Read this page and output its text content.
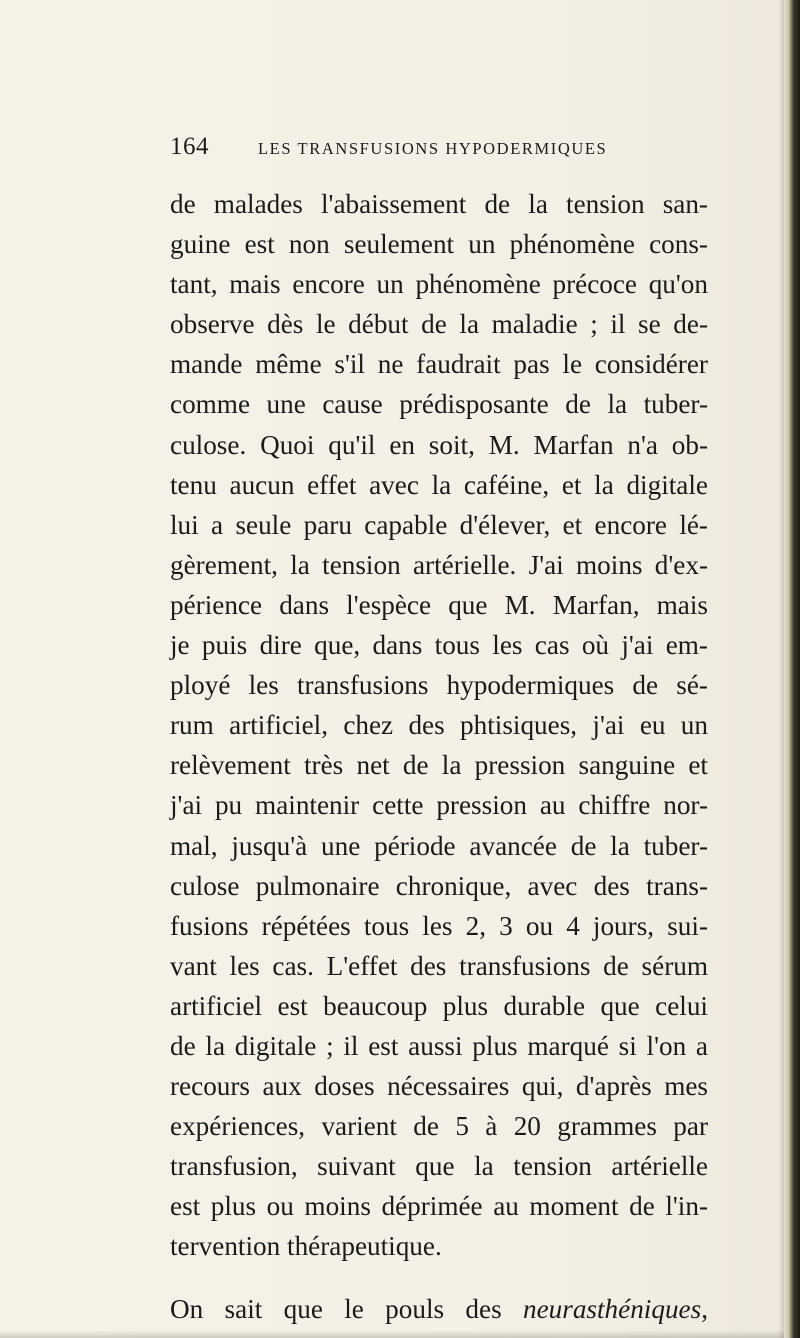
164	LES TRANSFUSIONS HYPODERMIQUES
de malades l'abaissement de la tension san-
guine est non seulement un phénomène cons-
tant, mais encore un phénomène précoce qu'on
observe dès le début de la maladie ; il se de-
mande même s'il ne faudrait pas le considérer
comme une cause prédisposante de la tuber-
culose. Quoi qu'il en soit, M. Marfan n'a ob-
tenu aucun effet avec la caféine, et la digitale
lui a seule paru capable d'élever, et encore lé-
gèrement, la tension artérielle. J'ai moins d'ex-
périence dans l'espèce que M. Marfan, mais
je puis dire que, dans tous les cas où j'ai em-
ployé les transfusions hypodermiques de sé-
rum artificiel, chez des phtisiques, j'ai eu un
relèvement très net de la pression sanguine et
j'ai pu maintenir cette pression au chiffre nor-
mal, jusqu'à une période avancée de la tuber-
culose pulmonaire chronique, avec des trans-
fusions répétées tous les 2, 3 ou 4 jours, sui-
vant les cas. L'effet des transfusions de sérum
artificiel est beaucoup plus durable que celui
de la digitale ; il est aussi plus marqué si l'on a
recours aux doses nécessaires qui, d'après mes
expériences, varient de 5 à 20 grammes par
transfusion, suivant que la tension artérielle
est plus ou moins déprimée au moment de l'in-
tervention thérapeutique.
On sait que le pouls des neurasthéniques,
